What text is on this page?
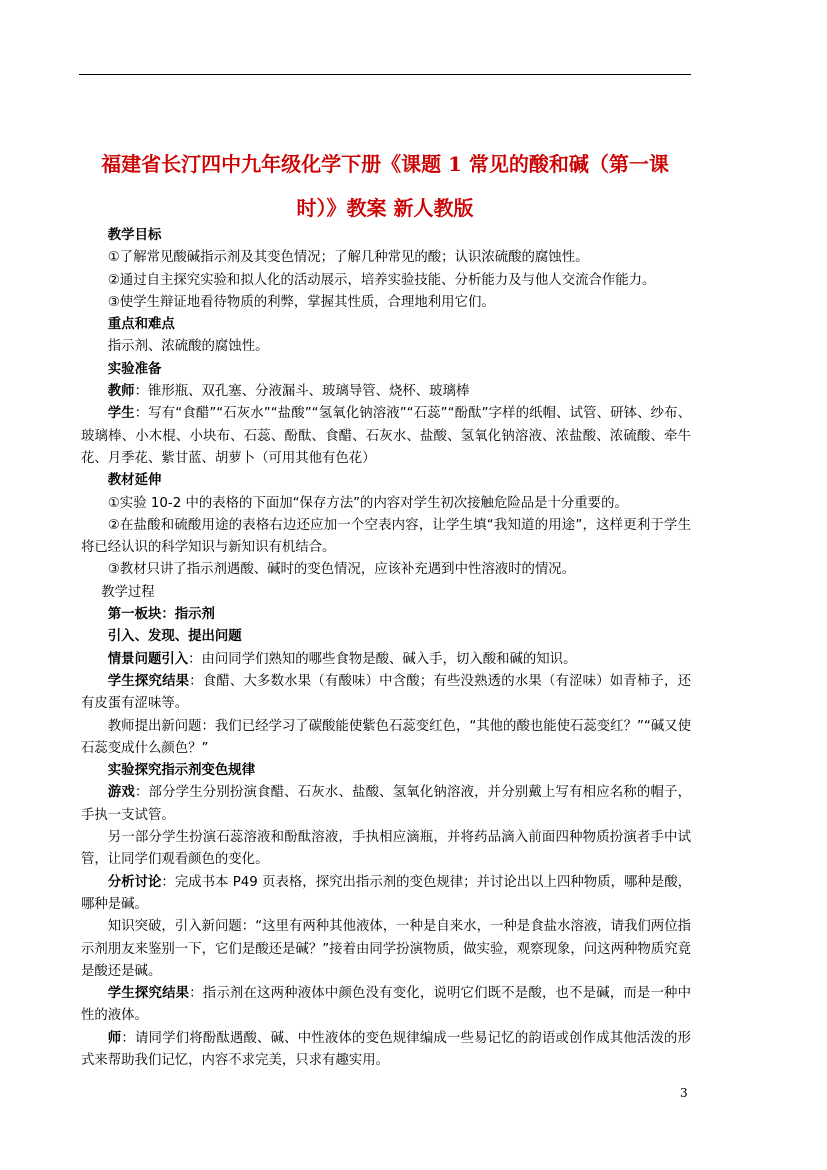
福建省长汀四中九年级化学下册《课题 1 常见的酸和碱（第一课
时）》教案 新人教版

教学目标

①了解常见酸碱指示剂及其变色情况；了解几种常见的酸；认识浓硫酸的腐蚀性。

②通过自主探究实验和拟人化的活动展示，培养实验技能、分析能力及与他人交流合作能力。

③使学生辩证地看待物质的利弊，掌握其性质，合理地利用它们。

重点和难点

指示剂、浓硫酸的腐蚀性。

实验准备

教师：锥形瓶、双孔塞、分液漏斗、玻璃导管、烧杯、玻璃棒

学生：写有“食醋”“石灰水”“盐酸”“氢氧化钠溶液”“石蕊”“酚酞”字样的纸帽、试管、研钵、纱布、玻璃棒、小木棍、小块布、石蕊、酚酞、食醋、石灰水、盐酸、氢氧化钠溶液、浓盐酸、浓硫酸、牵牛花、月季花、紫甘蓝、胡萝卜（可用其他有色花）

教材延伸

①实验 10-2 中的表格的下面加“保存方法”的内容对学生初次接触危险品是十分重要的。

②在盐酸和硫酸用途的表格右边还应加一个空表内容，让学生填“我知道的用途”，这样更利于学生将已经认识的科学知识与新知识有机结合。

③教材只讲了指示剂遇酸、碱时的变色情况，应该补充遇到中性溶液时的情况。

教学过程

第一板块：指示剂

引入、发现、提出问题

情景问题引入：由问同学们熟知的哪些食物是酸、碱入手，切入酸和碱的知识。

学生探究结果：食醋、大多数水果（有酸味）中含酸；有些没熟透的水果（有涩味）如青柿子，还有皮蛋有涩味等。

教师提出新问题：我们已经学习了碳酸能使紫色石蕊变红色，“其他的酸也能使石蕊变红？”“碱又使石蕊变成什么颜色？”

实验探究指示剂变色规律

游戏：部分学生分别扮演食醋、石灰水、盐酸、氢氧化钠溶液，并分别戴上写有相应名称的帽子，手执一支试管。

另一部分学生扮演石蕊溶液和酚酞溶液，手执相应滴瓶，并将药品滴入前面四种物质扮演者手中试管，让同学们观看颜色的变化。

分析讨论：完成书本 P49 页表格，探究出指示剂的变色规律；并讨论出以上四种物质，哪种是酸，哪种是碱。

知识突破，引入新问题：“这里有两种其他液体，一种是自来水，一种是食盐水溶液，请我们两位指示剂朋友来鉴别一下，它们是酸还是碱？”接着由同学扮演物质，做实验，观察现象，问这两种物质究竟是酸还是碱。

学生探究结果：指示剂在这两种液体中颜色没有变化，说明它们既不是酸，也不是碱，而是一种中性的液体。

师：请同学们将酚酞遇酸、碱、中性液体的变色规律编成一些易记忆的韵语或创作成其他活泼的形式来帮助我们记忆，内容不求完美，只求有趣实用。

3
